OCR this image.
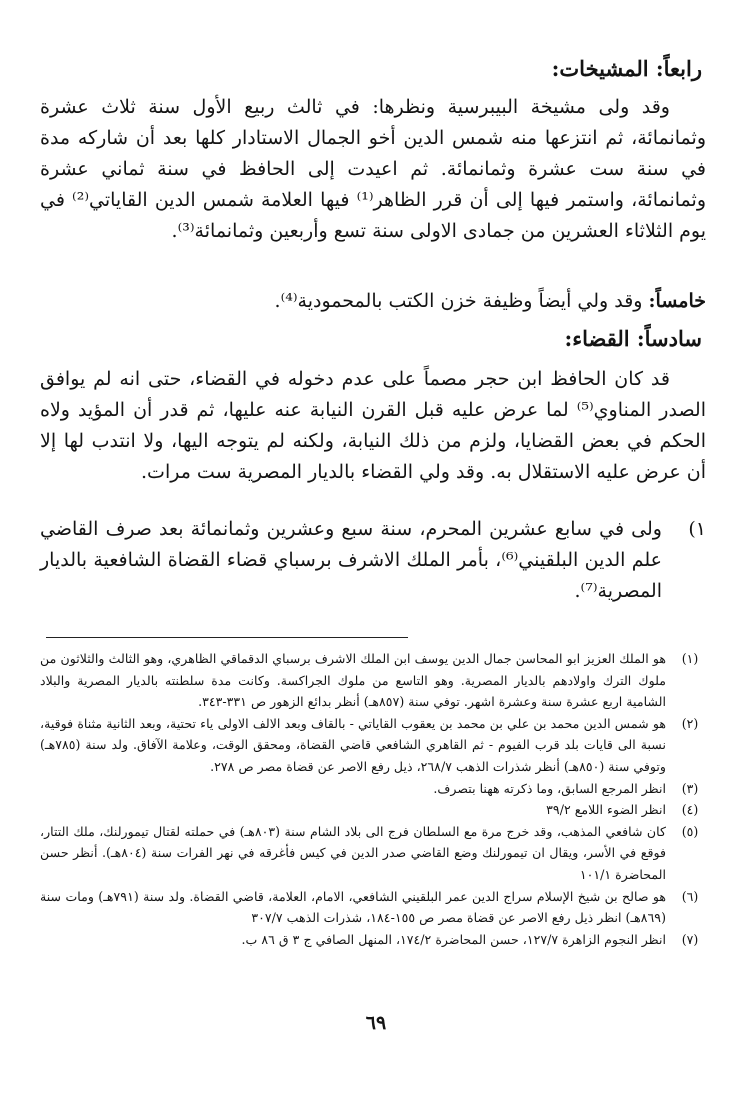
رابعاً: المشيخات:

وقد ولى مشيخة البيبرسية ونظرها: في ثالث ربيع الأول سنة ثلاث عشرة وثمانمائة، ثم انتزعها منه شمس الدين أخو الجمال الاستادار كلها بعد أن شاركه مدة في سنة ست عشرة وثمانمائة. ثم اعيدت إلى الحافظ في سنة ثماني عشرة وثمانمائة، واستمر فيها إلى أن قرر الظاهر⁽¹⁾ فيها العلامة شمس الدين القاياتي⁽²⁾ في يوم الثلاثاء العشرين من جمادى الاولى سنة تسع وأربعين وثمانمائة⁽³⁾.

خامساً: وقد ولي أيضاً وظيفة خزن الكتب بالمحمودية⁽⁴⁾.

سادساً: القضاء:

قد كان الحافظ ابن حجر مصماً على عدم دخوله في القضاء، حتى انه لم يوافق الصدر المناوي⁽⁵⁾ لما عرض عليه قبل القرن النيابة عنه عليها، ثم قدر أن المؤيد ولاه الحكم في بعض القضايا، ولزم من ذلك النيابة، ولكنه لم يتوجه اليها، ولا انتدب لها إلا أن عرض عليه الاستقلال به. وقد ولي القضاء بالديار المصرية ست مرات.

١)
ولى في سابع عشرين المحرم، سنة سبع وعشرين وثمانمائة بعد صرف القاضي علم الدين البلقيني⁽⁶⁾، بأمر الملك الاشرف برسباي قضاء القضاة الشافعية بالديار المصرية⁽⁷⁾.
(١)
هو الملك العزيز ابو المحاسن جمال الدين يوسف ابن الملك الاشرف برسباي الدقماقي الظاهري، وهو الثالث والثلاثون من ملوك الترك واولادهم بالديار المصرية. وهو التاسع من ملوك الجراكسة. وكانت مدة سلطنته بالديار المصرية والبلاد الشامية اربع عشرة سنة وعشرة اشهر. توفي سنة (٨٥٧هـ) أنظر بدائع الزهور ص ٣٣١-٣٤٣.
(٢)
هو شمس الدين محمد بن علي بن محمد بن يعقوب القاياتي - بالقاف وبعد الالف الاولى ياء تحتية، وبعد الثانية مثناة فوقية، نسبة الى قايات بلد قرب الفيوم - ثم القاهري الشافعي قاضي القضاة، ومحقق الوقت، وعلامة الآفاق. ولد سنة (٧٨٥هـ) وتوفي سنة (٨٥٠هـ) أنظر شذرات الذهب ٢٦٨/٧، ذيل رفع الاصر عن قضاة مصر ص ٢٧٨.
(٣)
انظر المرجع السابق، وما ذكرته ههنا بتصرف.
(٤)
انظر الضوء اللامع ٣٩/٢
(٥)
كان شافعي المذهب، وقد خرج مرة مع السلطان فرج الى بلاد الشام سنة (٨٠٣هـ) في حملته لقتال تيمورلنك، ملك التتار، فوقع في الأسر، ويقال ان تيمورلنك وضع القاضي صدر الدين في كيس فأغرقه في نهر الفرات سنة (٨٠٤هـ). أنظر حسن المحاضرة ١٠١/١
(٦)
هو صالح بن شيخ الإسلام سراج الدين عمر البلقيني الشافعي، الامام، العلامة، قاضي القضاة. ولد سنة (٧٩١هـ) ومات سنة (٨٦٩هـ) انظر ذيل رفع الاصر عن قضاة مصر ص ١٥٥-١٨٤، شذرات الذهب ٣٠٧/٧
(٧)
انظر النجوم الزاهرة ١٢٧/٧، حسن المحاضرة ١٧٤/٢، المنهل الصافي ج ٣ ق ٨٦ ب.
٦٩
